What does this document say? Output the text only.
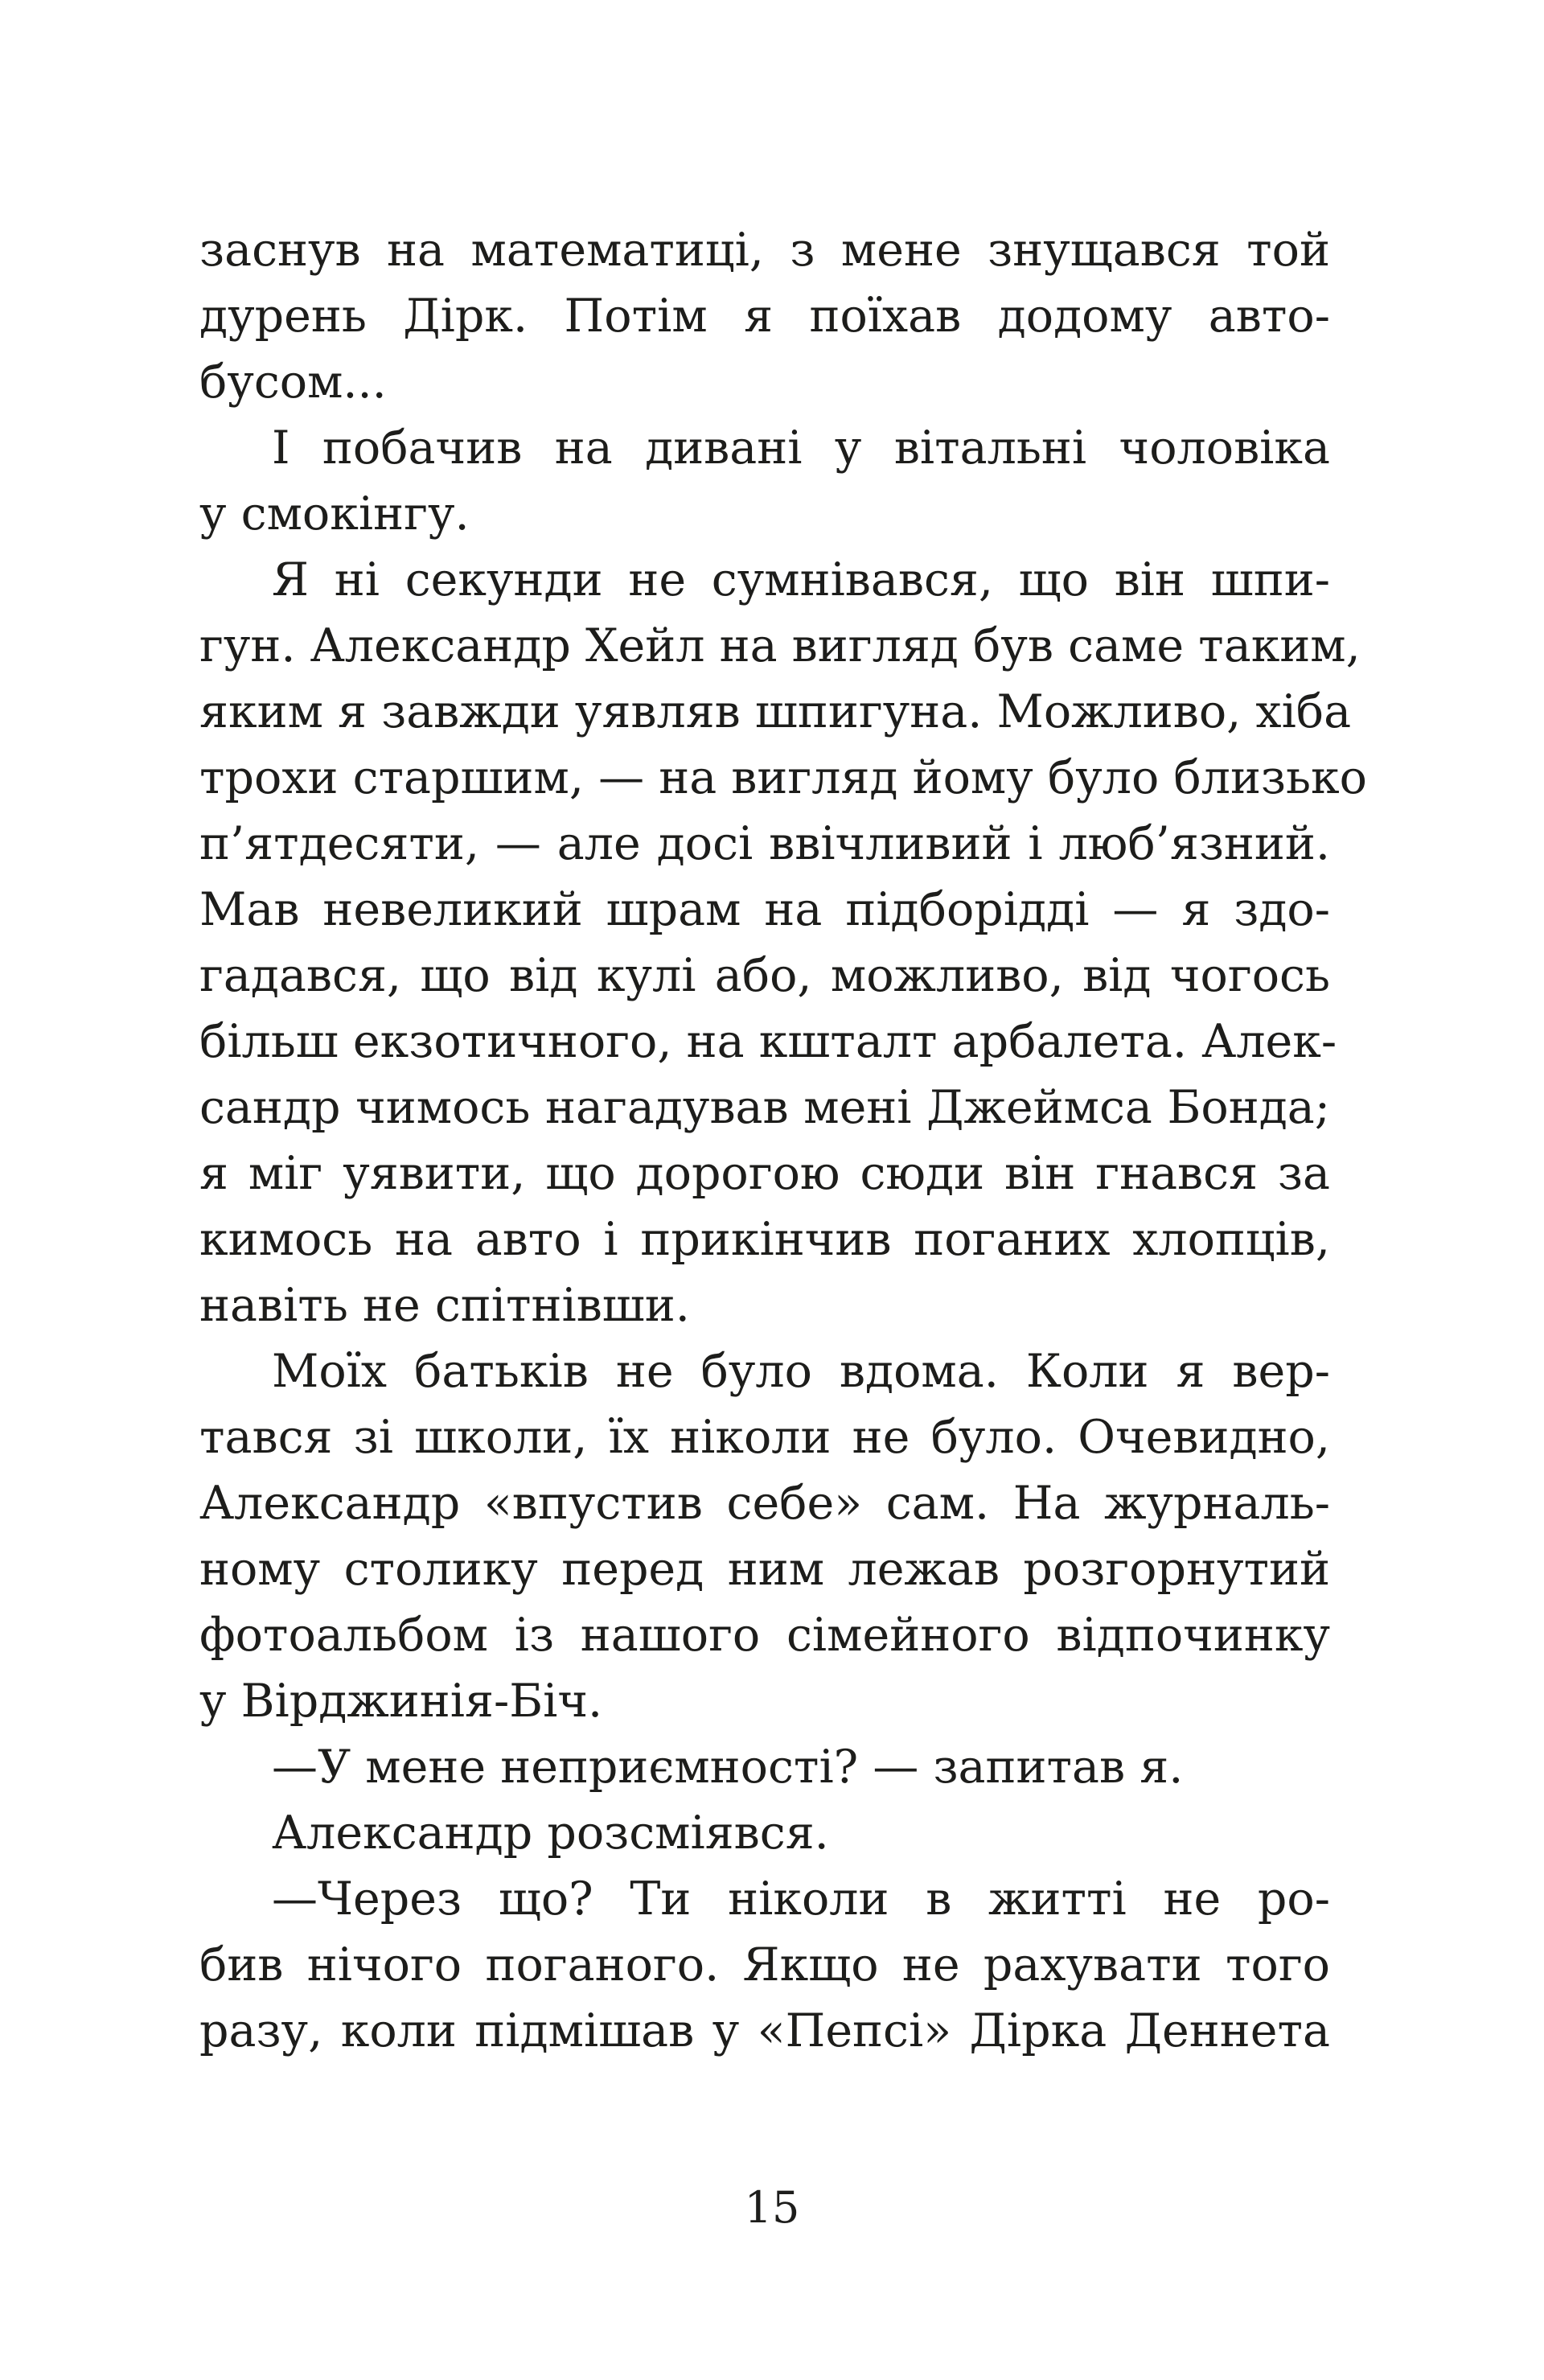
заснув на математиці, з мене знущався той
дурень Дірк. Потім я поїхав додому авто-
бусом...
І побачив на дивані у вітальні чоловіка
у смокінгу.
Я ні секунди не сумнівався, що він шпи-
гун. Александр Хейл на вигляд був саме таким,
яким я завжди уявляв шпигуна. Можливо, хіба
трохи старшим, — на вигляд йому було близько
п’ятдесяти, — але досі ввічливий і люб’язний.
Мав невеликий шрам на підборідді — я здо-
гадався, що від кулі або, можливо, від чогось
більш екзотичного, на кшталт арбалета. Алек-
сандр чимось нагадував мені Джеймса Бонда;
я міг уявити, що дорогою сюди він гнався за
кимось на авто і прикінчив поганих хлопців,
навіть не спітнівши.
Моїх батьків не було вдома. Коли я вер-
тався зі школи, їх ніколи не було. Очевидно,
Александр «впустив себе» сам. На журналь-
ному столику перед ним лежав розгорнутий
фотоальбом із нашого сімейного відпочинку
у Вірджинія-Біч.
—У мене неприємності? — запитав я.
Александр розсміявся.
—Через що? Ти ніколи в житті не ро-
бив нічого поганого. Якщо не рахувати того
разу, коли підмішав у «Пепсі» Дірка Деннета
15
